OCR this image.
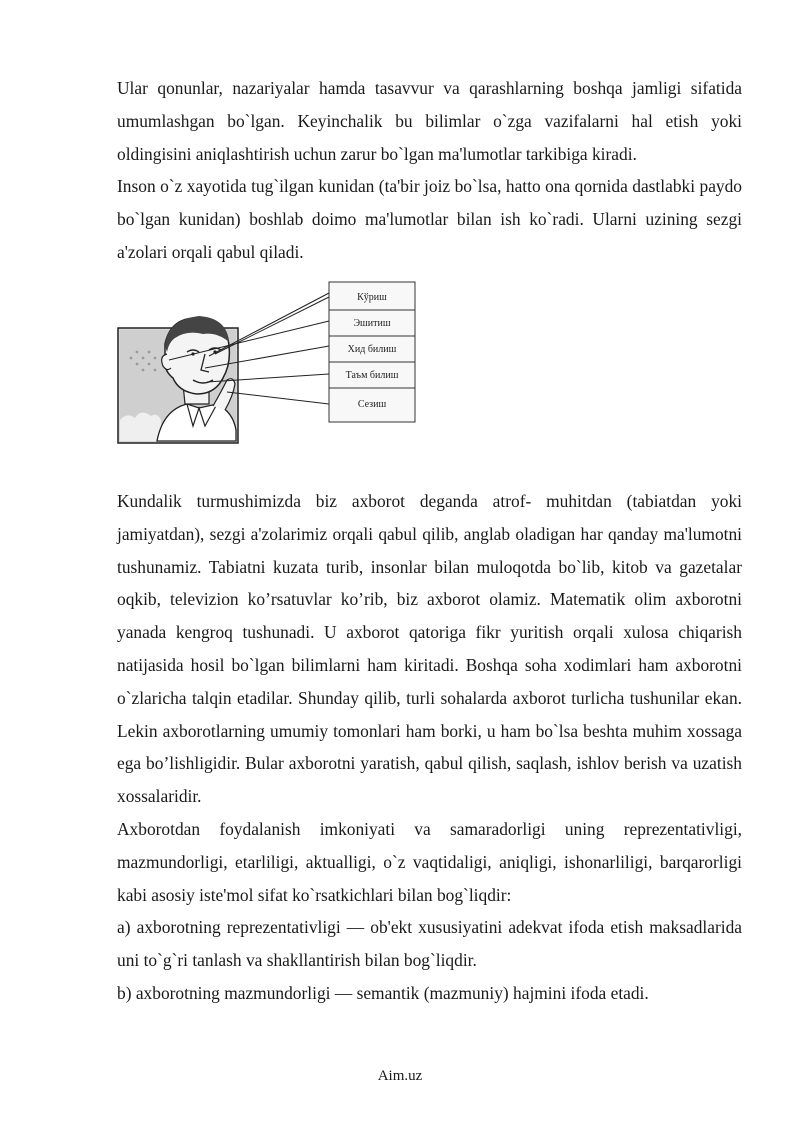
Ular qonunlar, nazariyalar hamda tasavvur va qarashlarning boshqa jamligi sifatida umumlashgan bo`lgan. Keyinchalik bu bilimlar o`zga vazifalarni hal etish yoki oldingisini aniqlashtirish uchun zarur bo`lgan ma'lumotlar tarkibiga kiradi.

Inson o`z xayotida tug`ilgan kunidan (ta'bir joiz bo`lsa, hatto ona qornida dastlabki paydo bo`lgan kunidan) boshlab doimo ma'lumotlar bilan ish ko`radi. Ularni uzining sezgi a'zolari orqali qabul qiladi.

Кўриш
Эшитиш
Хид билиш
Таъм билиш
Сезиш

Kundalik turmushimizda biz axborot deganda atrof- muhitdan (tabiatdan yoki jamiyatdan), sezgi a'zolarimiz orqali qabul qilib, anglab oladigan har qanday ma'lumotni tushunamiz. Tabiatni kuzata turib, insonlar bilan muloqotda bo`lib, kitob va gazetalar oqkib, televizion ko’rsatuvlar ko’rib, biz axborot olamiz. Matematik olim axborotni yanada kengroq tushunadi. U axborot qatoriga fikr yuritish orqali xulosa chiqarish natijasida hosil bo`lgan bilimlarni ham kiritadi. Boshqa soha xodimlari ham axborotni o`zlaricha talqin etadilar. Shunday qilib, turli sohalarda axborot turlicha tushunilar ekan. Lekin axborotlarning umumiy tomonlari ham borki, u ham bo`lsa beshta muhim xossaga ega bo’lishligidir. Bular axborotni yaratish, qabul qilish, saqlash, ishlov berish va uzatish xossalaridir.

Axborotdan foydalanish imkoniyati va samaradorligi uning reprezentativligi, mazmundorligi, etarliligi, aktualligi, o`z vaqtidaligi, aniqligi, ishonarliligi, barqarorligi kabi asosiy iste'mol sifat ko`rsatkichlari bilan bog`liqdir:

a) axborotning reprezentativligi — ob'ekt xususiyatini adekvat ifoda etish maksadlarida uni to`g`ri tanlash va shakllantirish bilan bog`liqdir.

b) axborotning mazmundorligi — semantik (mazmuniy) hajmini ifoda etadi.

Aim.uz
